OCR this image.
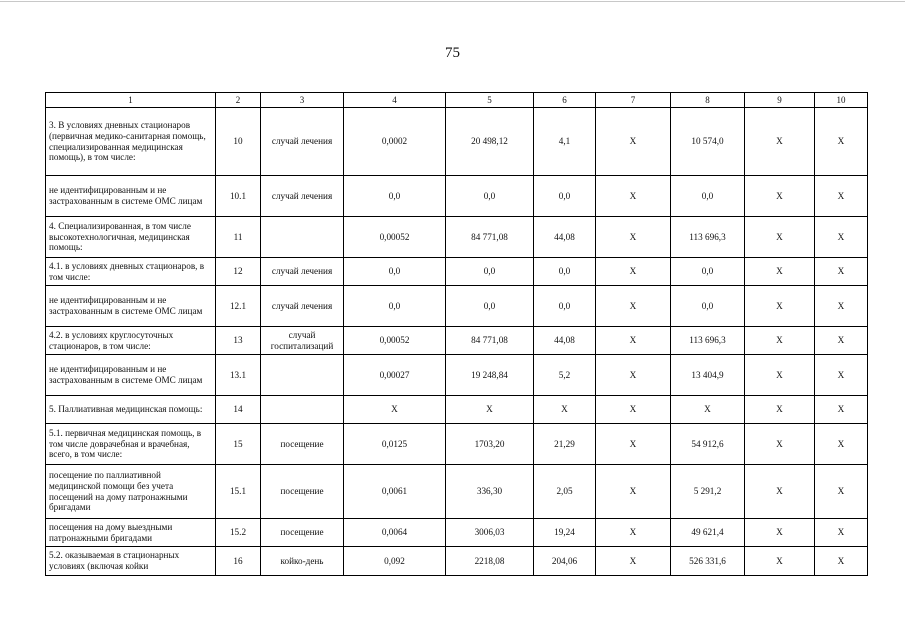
75
1	2	3	4	5	6	7	8	9	10
3. В условиях дневных стационаров (первичная медико-санитарная помощь, специализированная медицинская помощь), в том числе:	10	случай лечения	0,0002	20 498,12	4,1	Х	10 574,0	Х	Х
не идентифицированным и не застрахованным в системе ОМС лицам	10.1	случай лечения	0,0	0,0	0,0	Х	0,0	Х	Х
4. Специализированная, в том числе высокотехнологичная, медицинская помощь:	11		0,00052	84 771,08	44,08	Х	113 696,3	Х	Х
4.1. в условиях дневных стационаров, в том числе:	12	случай лечения	0,0	0,0	0,0	Х	0,0	Х	Х
не идентифицированным и не застрахованным в системе ОМС лицам	12.1	случай лечения	0,0	0,0	0,0	Х	0,0	Х	Х
4.2. в условиях круглосуточных стационаров, в том числе:	13	случай госпитализаций	0,00052	84 771,08	44,08	Х	113 696,3	Х	Х
не идентифицированным и не застрахованным в системе ОМС лицам	13.1		0,00027	19 248,84	5,2	Х	13 404,9	Х	Х
5. Паллиативная медицинская помощь:	14		Х	Х	Х	Х	Х	Х	Х
5.1. первичная медицинская помощь, в том числе доврачебная и врачебная, всего, в том числе:	15	посещение	0,0125	1703,20	21,29	Х	54 912,6	Х	Х
посещение по паллиативной медицинской помощи без учета посещений на дому патронажными бригадами	15.1	посещение	0,0061	336,30	2,05	Х	5 291,2	Х	Х
посещения на дому выездными патронажными бригадами	15.2	посещение	0,0064	3006,03	19,24	Х	49 621,4	Х	Х
5.2. оказываемая в стационарных условиях (включая койки	16	койко-день	0,092	2218,08	204,06	Х	526 331,6	Х	Х
